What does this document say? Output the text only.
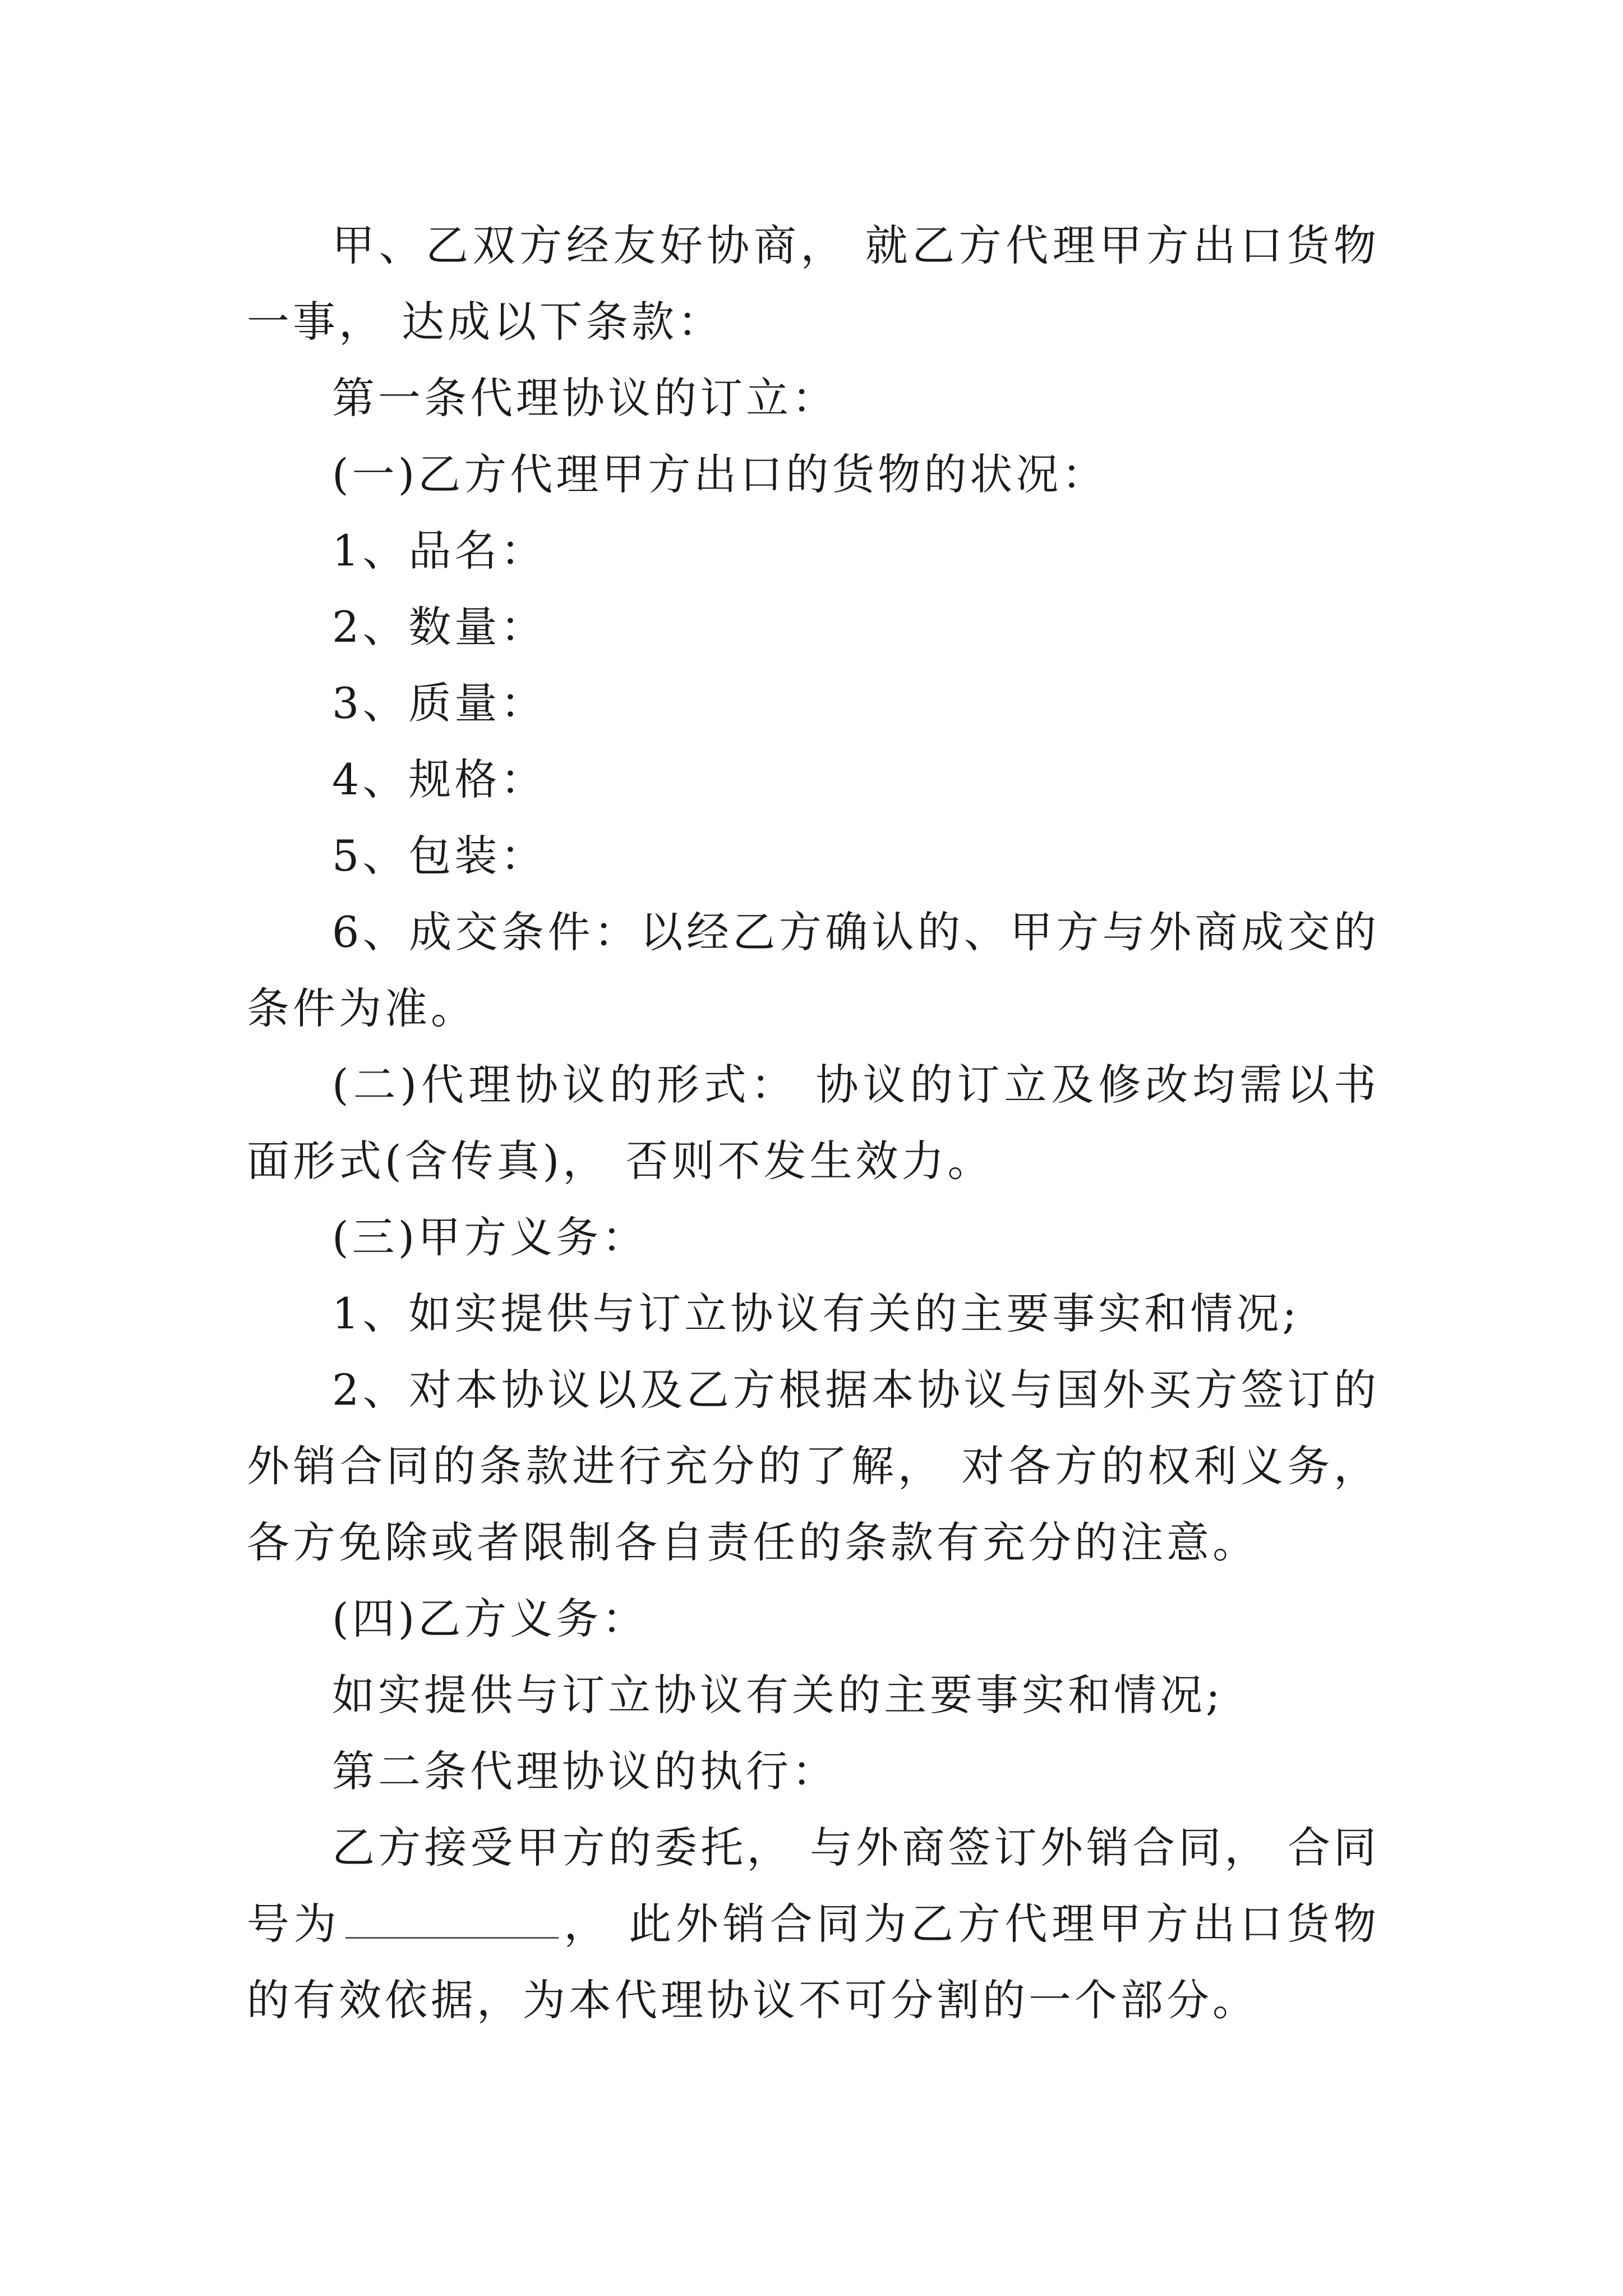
甲、乙双方经友好协商， 就乙方代理甲方出口货物一事， 达成以下条款：

第一条代理协议的订立：

(一)乙方代理甲方出口的货物的状况：

1、品名：

2、数量：

3、质量：

4、规格：

5、包装：

6、成交条件：以经乙方确认的、甲方与外商成交的条件为准。

(二)代理协议的形式： 协议的订立及修改均需以书面形式(含传真)， 否则不发生效力。

(三)甲方义务：

1、如实提供与订立协议有关的主要事实和情况;

2、对本协议以及乙方根据本协议与国外买方签订的外销合同的条款进行充分的了解， 对各方的权利义务， 各方免除或者限制各自责任的条款有充分的注意。

(四)乙方义务：

如实提供与订立协议有关的主要事实和情况;

第二条代理协议的执行：

乙方接受甲方的委托， 与外商签订外销合同， 合同号为	， 此外销合同为乙方代理甲方出口货物的有效依据，为本代理协议不可分割的一个部分。
